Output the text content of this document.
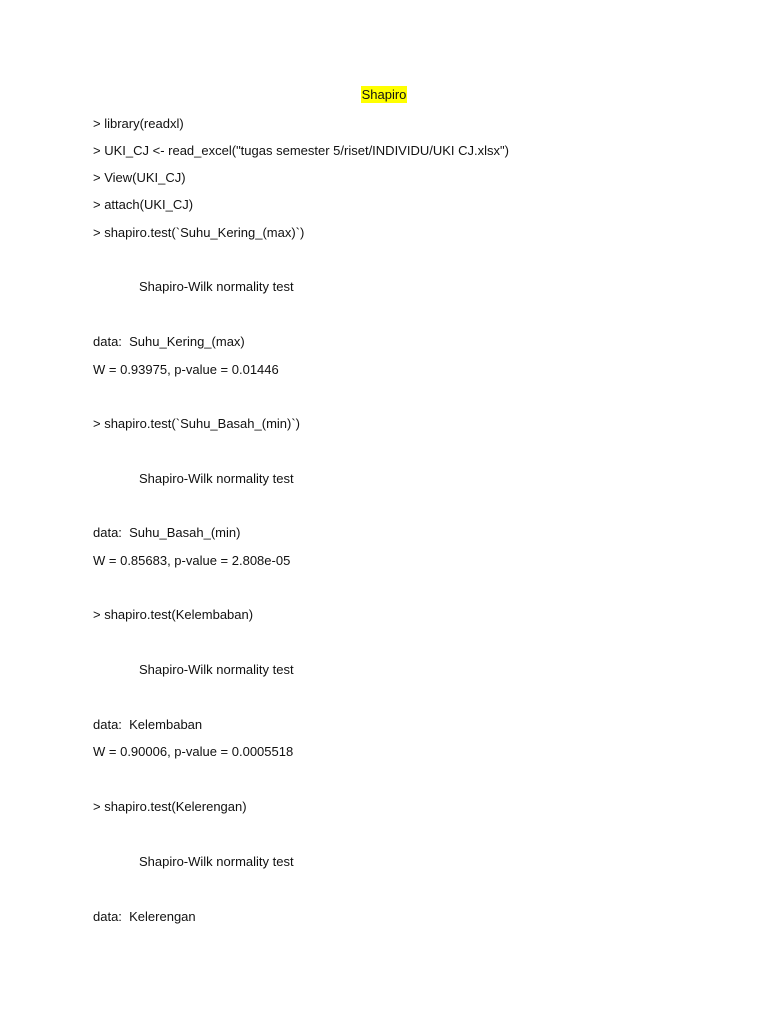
Shapiro
> library(readxl)
> UKI_CJ <- read_excel("tugas semester 5/riset/INDIVIDU/UKI CJ.xlsx")
> View(UKI_CJ)
> attach(UKI_CJ)
> shapiro.test(`Suhu_Kering_(max)`)
Shapiro-Wilk normality test
data:  Suhu_Kering_(max)
W = 0.93975, p-value = 0.01446
> shapiro.test(`Suhu_Basah_(min)`)
Shapiro-Wilk normality test
data:  Suhu_Basah_(min)
W = 0.85683, p-value = 2.808e-05
> shapiro.test(Kelembaban)
Shapiro-Wilk normality test
data:  Kelembaban
W = 0.90006, p-value = 0.0005518
> shapiro.test(Kelerengan)
Shapiro-Wilk normality test
data:  Kelerengan
